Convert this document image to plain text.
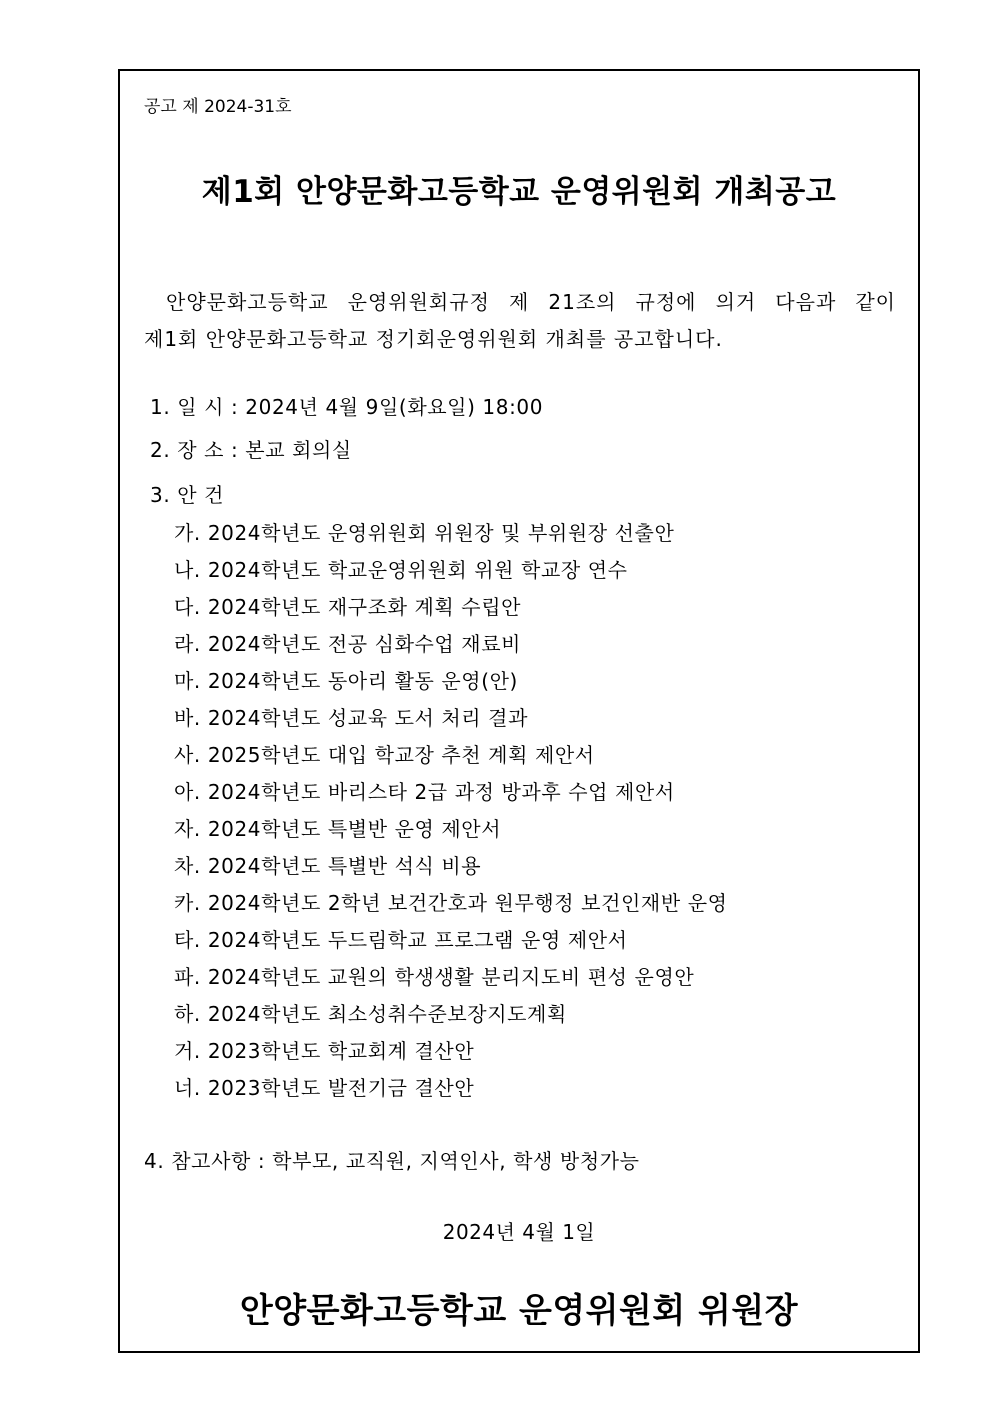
공고 제 2024-31호
제1회 안양문화고등학교 운영위원회 개최공고

안양문화고등학교 운영위원회규정 제 21조의 규정에 의거 다음과 같이

제1회 안양문화고등학교 정기회운영위원회 개최를 공고합니다.

1. 일 시 : 2024년 4월 9일(화요일) 18:00
2. 장 소 : 본교 회의실
3. 안 건
가. 2024학년도 운영위원회 위원장 및 부위원장 선출안
나. 2024학년도 학교운영위원회 위원 학교장 연수
다. 2024학년도 재구조화 계획 수립안
라. 2024학년도 전공 심화수업 재료비
마. 2024학년도 동아리 활동 운영(안)
바. 2024학년도 성교육 도서 처리 결과
사. 2025학년도 대입 학교장 추천 계획 제안서
아. 2024학년도 바리스타 2급 과정 방과후 수업 제안서
자. 2024학년도 특별반 운영 제안서
차. 2024학년도 특별반 석식 비용
카. 2024학년도 2학년 보건간호과 원무행정 보건인재반 운영
타. 2024학년도 두드림학교 프로그램 운영 제안서
파. 2024학년도 교원의 학생생활 분리지도비 편성 운영안
하. 2024학년도 최소성취수준보장지도계획
거. 2023학년도 학교회계 결산안
너. 2023학년도 발전기금 결산안
4. 참고사항 : 학부모, 교직원, 지역인사, 학생 방청가능
2024년 4월 1일
안양문화고등학교 운영위원회 위원장
